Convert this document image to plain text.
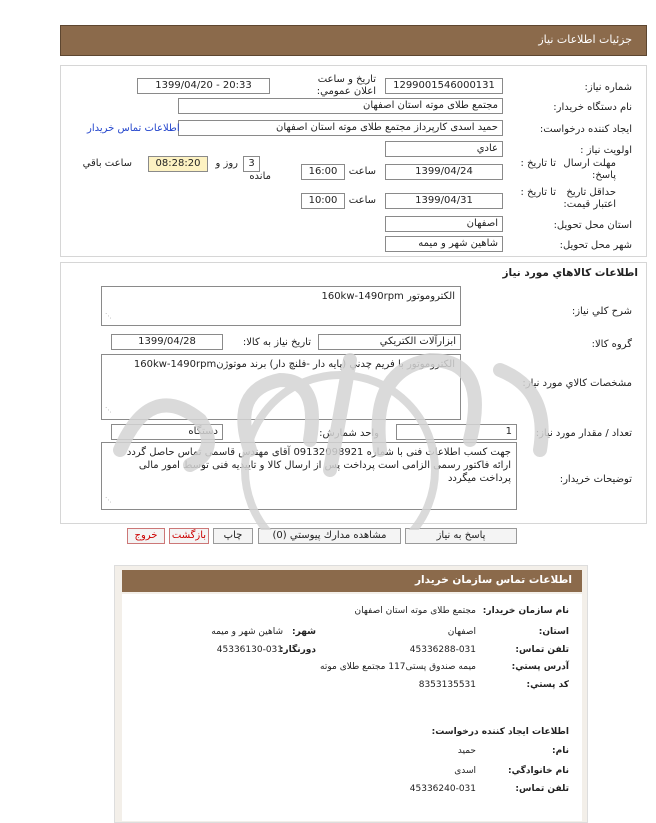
جزئيات اطلاعات نياز
شماره نياز:
1299001546000131
تاريخ و ساعت اعلان عمومي:
1399/04/20 - 20:33
نام دستگاه خريدار:
مجتمع طلای موته استان اصفهان
ايجاد كننده درخواست:
حميد اسدی كارپرداز مجتمع طلای موته استان اصفهان
اطلاعات تماس خريدار
اولويت نياز :
عادي
مهلت ارسال پاسخ:
تا تاريخ :
1399/04/24
ساعت
16:00
3
روز و
مانده
08:28:20
ساعت باقي
حداقل تاريخ اعتبار قيمت:
تا تاريخ :
1399/04/31
ساعت
10:00
استان محل تحويل:
اصفهان
شهر محل تحويل:
شاهين شهر و ميمه
اطلاعات كالاهاي مورد نياز
شرح كلي نياز:
الکتروموتور 160kw-1490rpm
⋰
گروه كالا:
ابزارآلات الکتريکي
تاريخ نياز به كالا:
1399/04/28
مشخصات كالاي مورد نياز:
الکتروموتور با فريم چدني (پايه دار -فلنچ دار) برند موتوژن160kw-1490rpm
⋰
تعداد / مقدار مورد نياز:
1
واحد شمارش:
دستگاه
توضيحات خريدار:
جهت کسب اطلاعات فنی با شماره 09132098921 آقای مهندس قاسمی تماس حاصل گردد ارائه فاکتور رسمی الزامی است پرداخت پس از ارسال کالا و تاييديه فنی توسط امور مالی پرداخت میگردد
⋰
پاسخ به نياز
مشاهده مدارك پيوستي (0)
چاپ
بازگشت
خروج
اطلاعات تماس سازمان خريدار
نام سازمان خريدار:
مجتمع طلای موته استان اصفهان
استان:
اصفهان
شهر:
شاهين شهر و ميمه
تلفن تماس:
45336288-031
دورنگار:
45336130-031
آدرس پستي:
ميمه صندوق پستی117 مجتمع طلای موته
كد پستي:
8353135531
اطلاعات ايجاد كننده درخواست:
نام:
حميد
نام خانوادگي:
اسدی
تلفن تماس:
45336240-031
